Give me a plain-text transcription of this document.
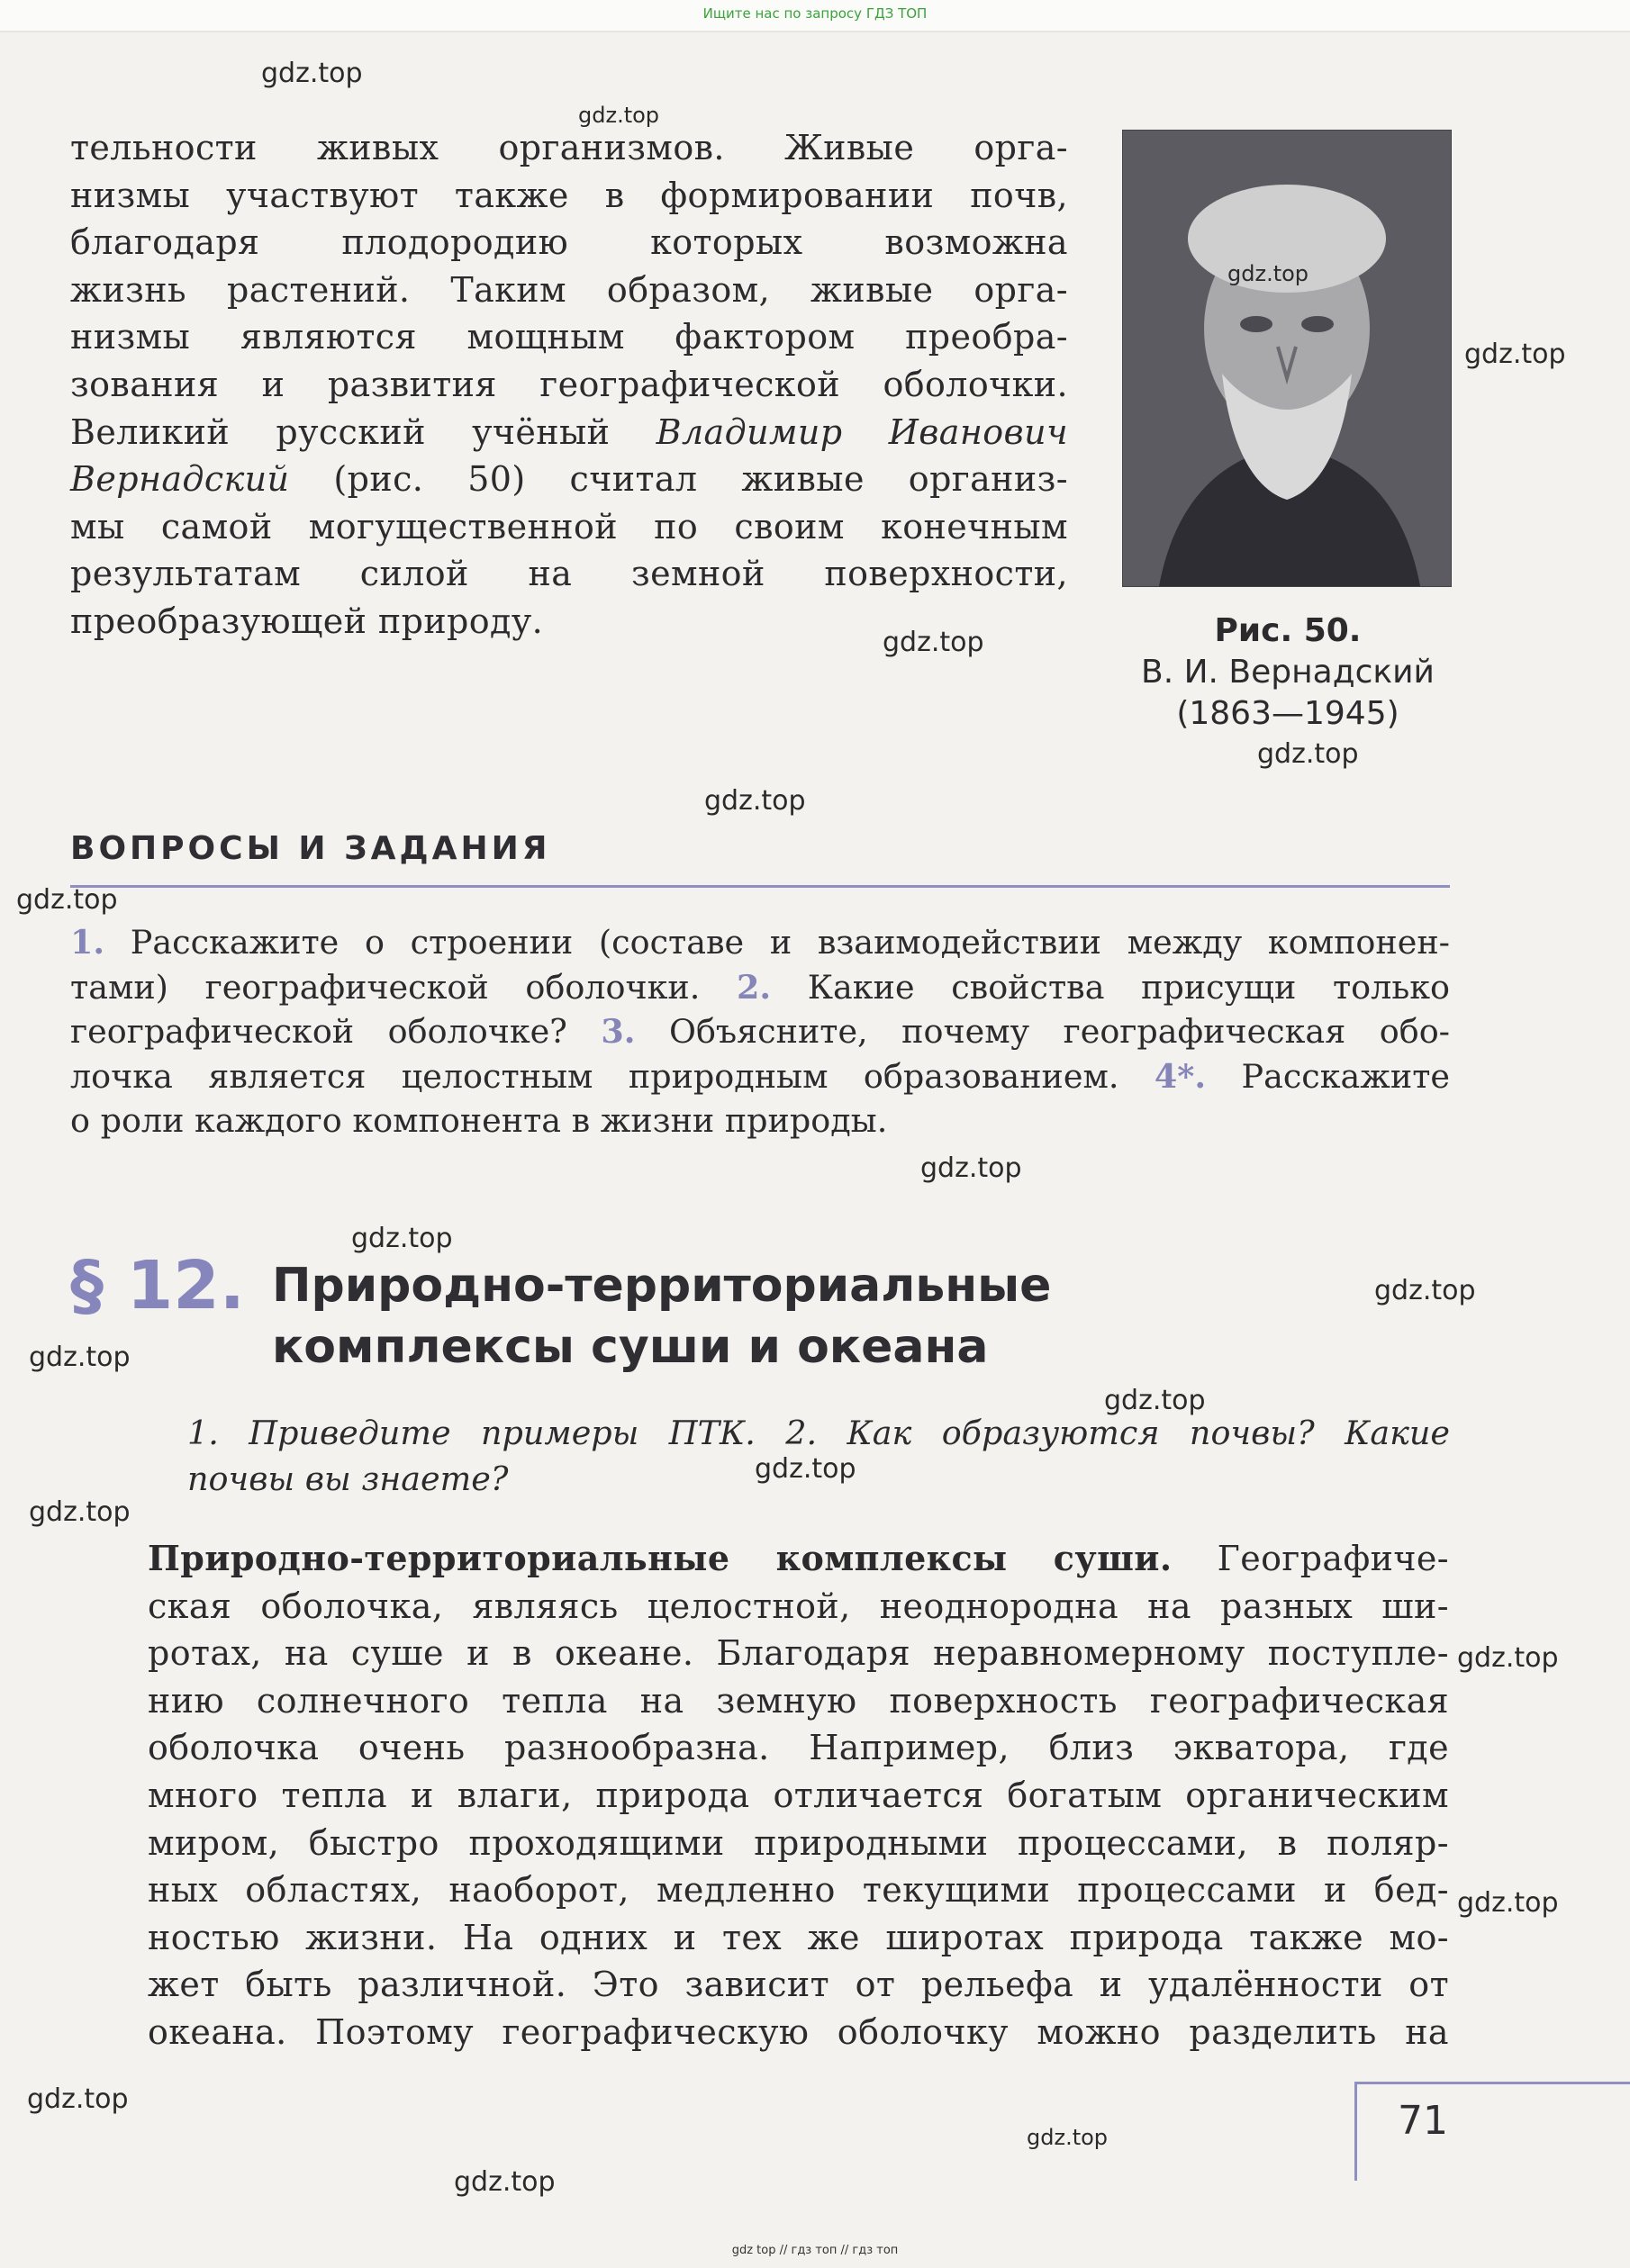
Ищите нас по запросу ГДЗ ТОП
тельности живых организмов. Живые орга-
низмы участвуют также в формировании почв,
благодаря плодородию которых возможна
жизнь растений. Таким образом, живые орга-
низмы являются мощным фактором преобра-
зования и развития географической оболочки.
Великий русский учёный Владимир Иванович
Вернадский (рис. 50) считал живые организ-
мы самой могущественной по своим конечным
результатам силой на земной поверхности,
преобразующей природу.	Рис. 50.
В. И. Вернадский
(1863—1945)
ВОПРОСЫ И ЗАДАНИЯ
1. Расскажите о строении (составе и взаимодействии между компонен-
тами) географической оболочки. 2. Какие свойства присущи только
географической оболочке? 3. Объясните, почему географическая обо-
лочка является целостным природным образованием. 4*. Расскажите
о роли каждого компонента в жизни природы.
§ 12. Природно-территориальные
комплексы суши и океана
1. Приведите примеры ПТК. 2. Как образуются почвы? Какие
почвы вы знаете?
Природно-территориальные комплексы суши. Географиче-
ская оболочка, являясь целостной, неоднородна на разных ши-
ротах, на суше и в океане. Благодаря неравномерному поступле-
нию солнечного тепла на земную поверхность географическая
оболочка очень разнообразна. Например, близ экватора, где
много тепла и влаги, природа отличается богатым органическим
миром, быстро проходящими природными процессами, в поляр-
ных областях, наоборот, медленно текущими процессами и бед-
ностью жизни. На одних и тех же широтах природа также мо-
жет быть различной. Это зависит от рельефа и удалённости от
океана. Поэтому географическую оболочку можно разделить на
71
gdz.top
gdz.top
gdz.top
gdz.top
gdz.top
gdz.top
gdz.top
gdz.top
gdz.top
gdz.top
gdz.top
gdz.top
gdz.top
gdz.top
gdz.top
gdz.top
gdz.top
gdz.top
gdz.top
gdz.top
gdz top // гдз топ // гдз топ
